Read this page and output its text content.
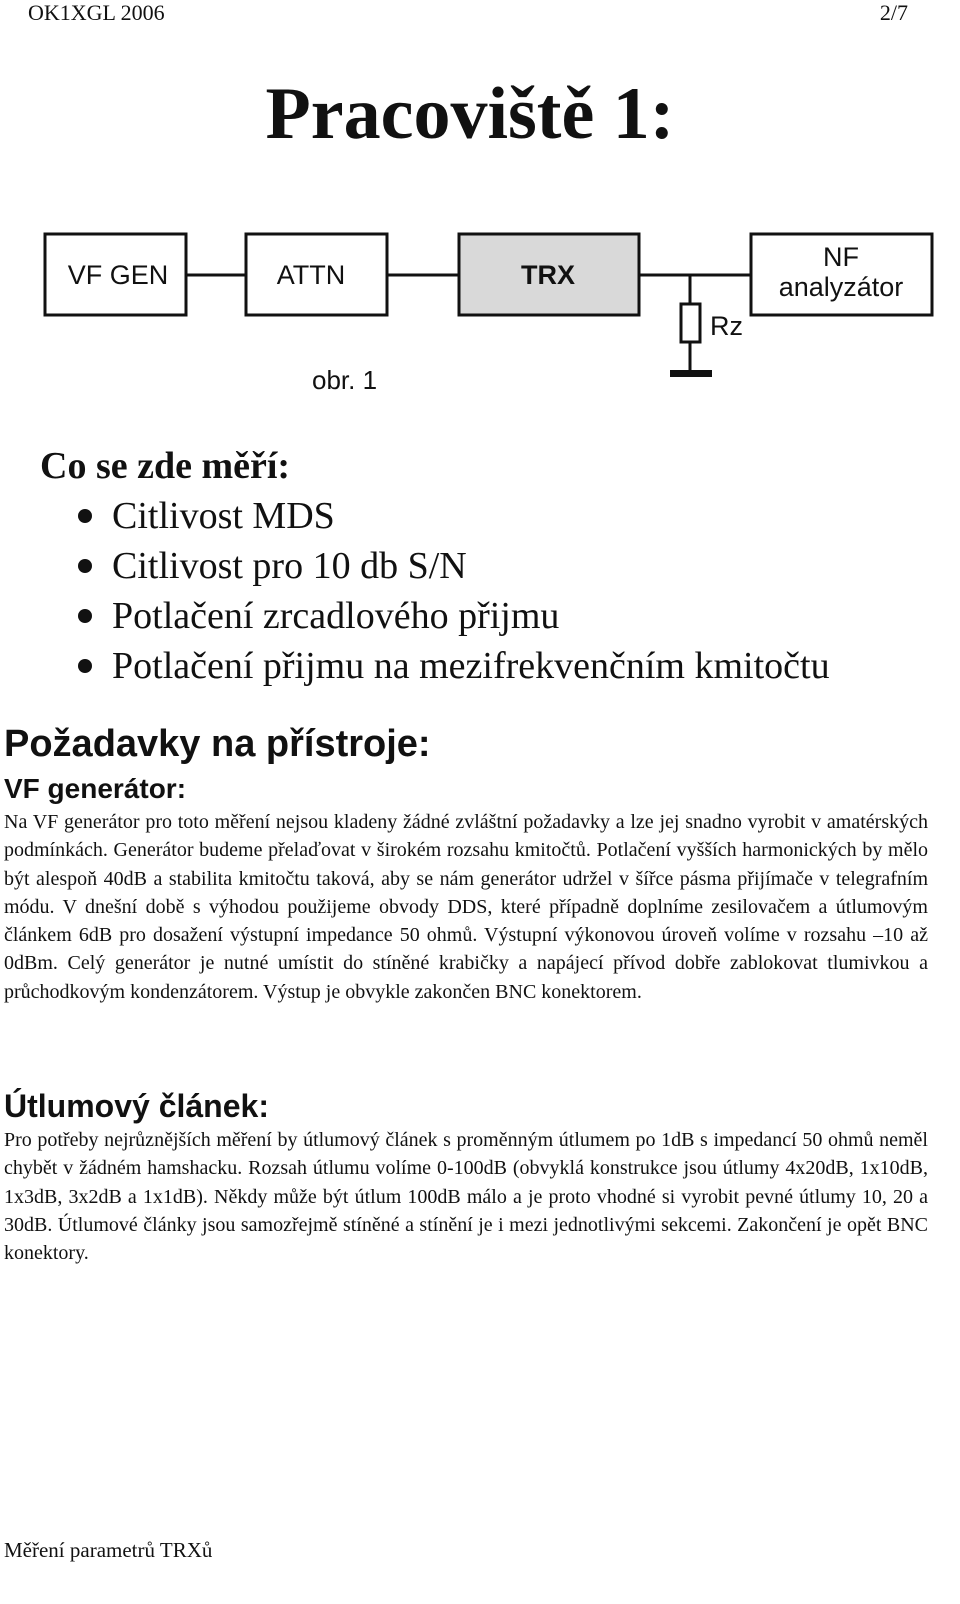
OK1XGL 2006	2/7
Pracoviště 1:
VF GEN	ATTN	TRX
NF
analyzátor
Rz
obr. 1
Co se zde měří:
Citlivost MDS
Citlivost pro 10 db S/N
Potlačení zrcadlového přijmu
Potlačení přijmu na mezifrekvenčním kmitočtu
Požadavky na přístroje:
VF generátor:
Na VF generátor pro toto měření nejsou kladeny žádné zvláštní požadavky a lze jej snadno vyrobit v amatérských podmínkách. Generátor budeme přelaďovat v širokém rozsahu kmitočtů. Potlačení vyšších harmonických by mělo být alespoň 40dB a stabilita kmitočtu taková, aby se nám generátor udržel v šířce pásma přijímače v telegrafním módu. V dnešní době s výhodou použijeme obvody DDS, které případně doplníme zesilovačem a útlumovým článkem 6dB pro dosažení výstupní impedance 50 ohmů. Výstupní výkonovou úroveň volíme v rozsahu –10 až 0dBm. Celý generátor je nutné umístit do stíněné krabičky a napájecí přívod dobře zablokovat tlumivkou a průchodkovým kondenzátorem. Výstup je obvykle zakončen BNC konektorem.
Útlumový článek:
Pro potřeby nejrůznějších měření by útlumový článek s proměnným útlumem po 1dB s impedancí 50 ohmů neměl chybět v žádném hamshacku. Rozsah útlumu volíme 0-100dB (obvyklá konstrukce jsou útlumy 4x20dB, 1x10dB, 1x3dB, 3x2dB a 1x1dB). Někdy může být útlum 100dB málo a je proto vhodné si vyrobit pevné útlumy 10, 20 a 30dB. Útlumové články jsou samozřejmě stíněné a stínění je i mezi jednotlivými sekcemi. Zakončení je opět BNC konektory.
Měření parametrů TRXů
